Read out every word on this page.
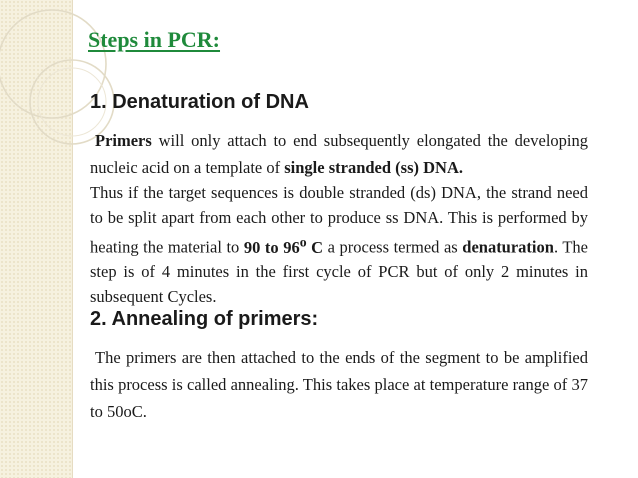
Steps in PCR:
1. Denaturation of DNA

Primers will only attach to end subsequently elongated the developing nucleic acid on a template of single stranded (ss) DNA.

Thus if the target sequences is double stranded (ds) DNA, the strand need to be split apart from each other to produce ss DNA. This is performed by heating the material to 90 to 96$^o$ C a process termed as denaturation. The step is of 4 minutes in the first cycle of PCR but of only 2 minutes in subsequent Cycles.

2. Annealing of primers:

The primers are then attached to the ends of the segment to be amplified this process is called annealing. This takes place at temperature range of 37 to 50oC.
